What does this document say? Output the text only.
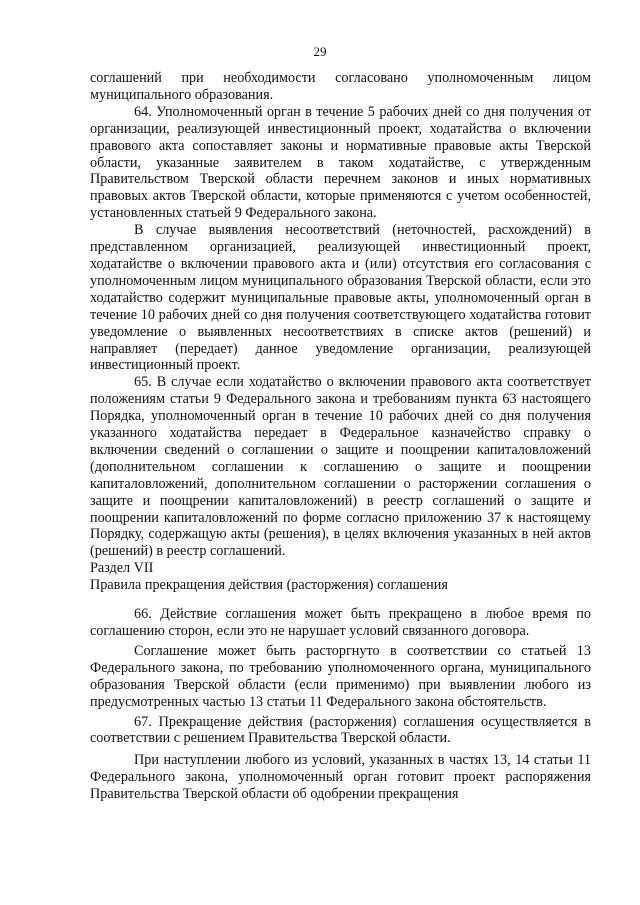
29

соглашений при необходимости согласовано уполномоченным лицом муниципального образования.

64. Уполномоченный орган в течение 5 рабочих дней со дня получения от организации, реализующей инвестиционный проект, ходатайства о включении правового акта сопоставляет законы и нормативные правовые акты Тверской области, указанные заявителем в таком ходатайстве, с утвержденным Правительством Тверской области перечнем законов и иных нормативных правовых актов Тверской области, которые применяются с учетом особенностей, установленных статьей 9 Федерального закона.

В случае выявления несоответствий (неточностей, расхождений) в представленном организацией, реализующей инвестиционный проект, ходатайстве о включении правового акта и (или) отсутствия его согласования с уполномоченным лицом муниципального образования Тверской области, если это ходатайство содержит муниципальные правовые акты, уполномоченный орган в течение 10 рабочих дней со дня получения соответствующего ходатайства готовит уведомление о выявленных несоответствиях в списке актов (решений) и направляет (передает) данное уведомление организации, реализующей инвестиционный проект.

65. В случае если ходатайство о включении правового акта соответствует положениям статьи 9 Федерального закона и требованиям пункта 63 настоящего Порядка, уполномоченный орган в течение 10 рабочих дней со дня получения указанного ходатайства передает в Федеральное казначейство справку о включении сведений о соглашении о защите и поощрении капиталовложений (дополнительном соглашении к соглашению о защите и поощрении капиталовложений, дополнительном соглашении о расторжении соглашения о защите и поощрении капиталовложений) в реестр соглашений о защите и поощрении капиталовложений по форме согласно приложению 37 к настоящему Порядку, содержащую акты (решения), в целях включения указанных в ней актов (решений) в реестр соглашений.

Раздел VII

Правила прекращения действия (расторжения) соглашения

66. Действие соглашения может быть прекращено в любое время по соглашению сторон, если это не нарушает условий связанного договора.

Соглашение может быть расторгнуто в соответствии со статьей 13 Федерального закона, по требованию уполномоченного органа, муниципального образования Тверской области (если применимо) при выявлении любого из предусмотренных частью 13 статьи 11 Федерального закона обстоятельств.

67. Прекращение действия (расторжения) соглашения осуществляется в соответствии с решением Правительства Тверской области.

При наступлении любого из условий, указанных в частях 13, 14 статьи 11 Федерального закона, уполномоченный орган готовит проект распоряжения Правительства Тверской области об одобрении прекращения
